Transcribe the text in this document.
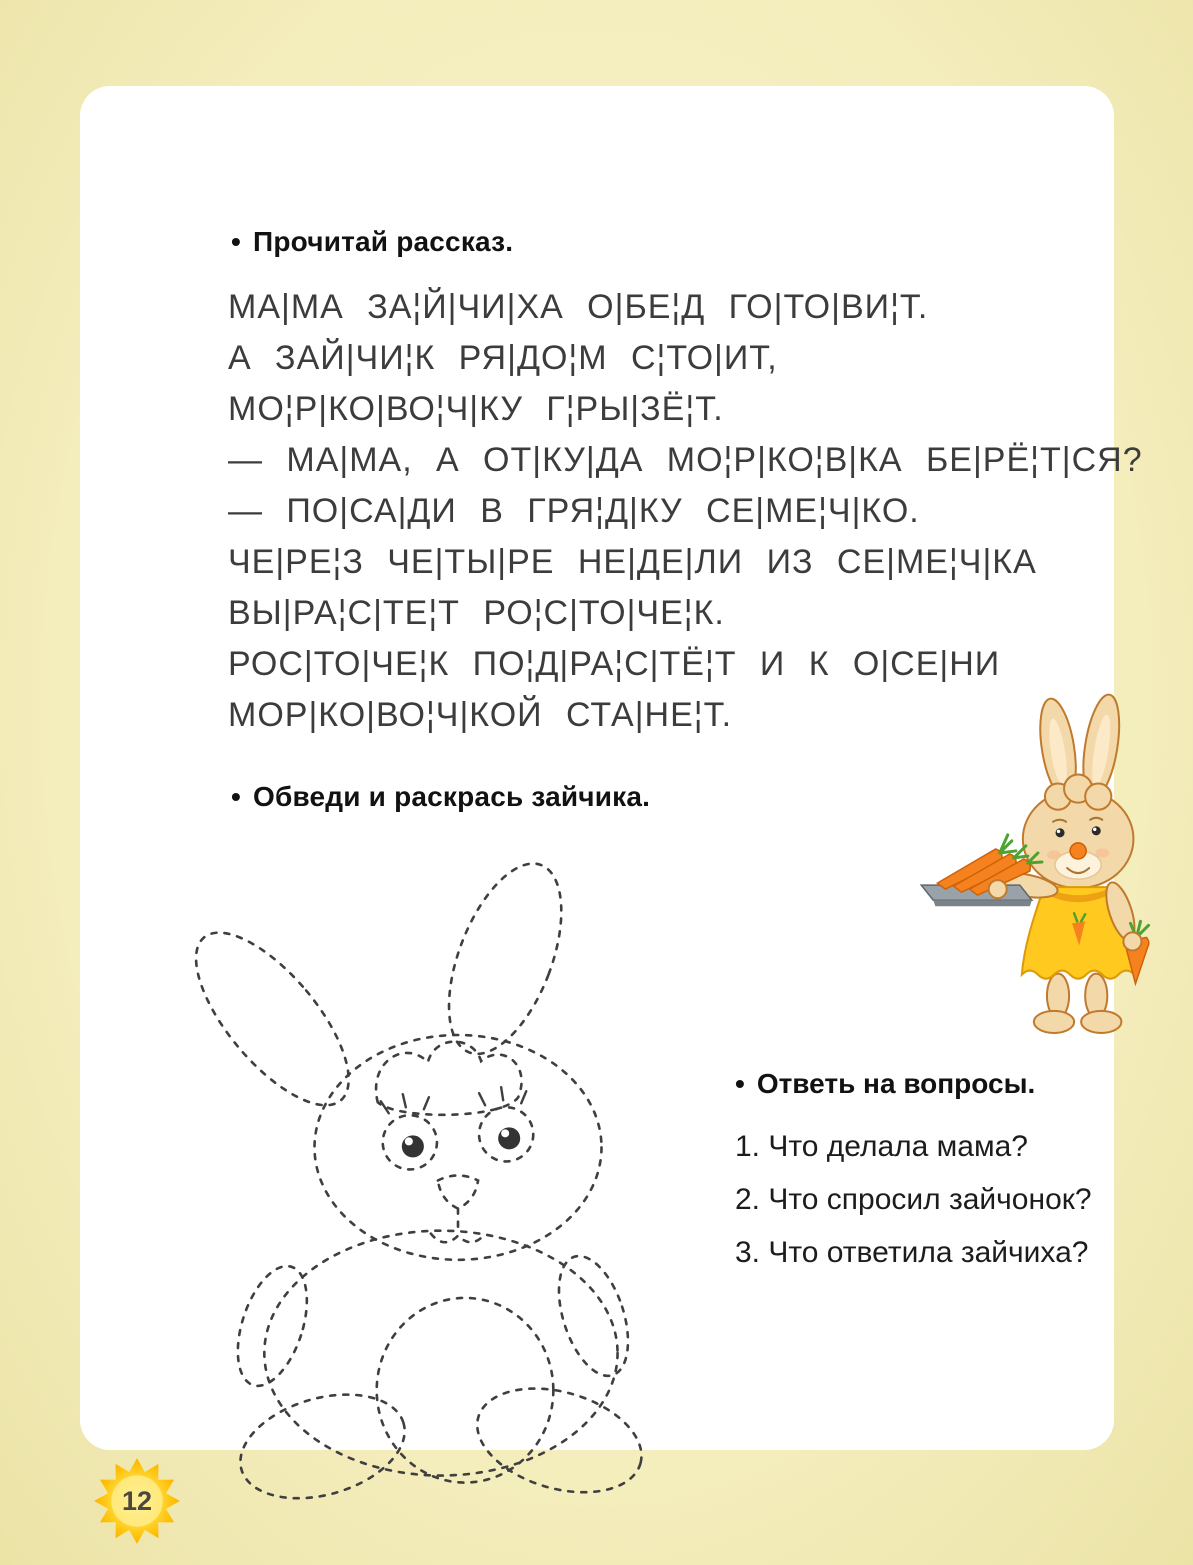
• Прочитай рассказ.
МА|МА ЗА¦Й|ЧИ|ХА О|БЕ¦Д ГО|ТО|ВИ¦Т.
А ЗАЙ|ЧИ¦К РЯ|ДО¦М С¦ТО|ИТ,
МО¦Р|КО|ВО¦Ч|КУ Г¦РЫ|ЗЁ¦Т.
— МА|МА, А ОТ|КУ|ДА МО¦Р|КО¦В|КА БЕ|РЁ¦Т|СЯ?
— ПО|СА|ДИ В ГРЯ¦Д|КУ СЕ|МЕ¦Ч|КО.
ЧЕ|РЕ¦З ЧЕ|ТЫ|РЕ НЕ|ДЕ|ЛИ ИЗ СЕ|МЕ¦Ч|КА
ВЫ|РА¦С|ТЕ¦Т РО¦С|ТО|ЧЕ¦К.
РОС|ТО|ЧЕ¦К ПО¦Д|РА¦С|ТЁ¦Т И К О|СЕ|НИ
МОР|КО|ВО¦Ч|КОЙ СТА|НЕ¦Т.
• Обведи и раскрась зайчика.
• Ответь на вопросы.
1. Что делала мама?
2. Что спросил зайчонок?
3. Что ответила зайчиха?
12
